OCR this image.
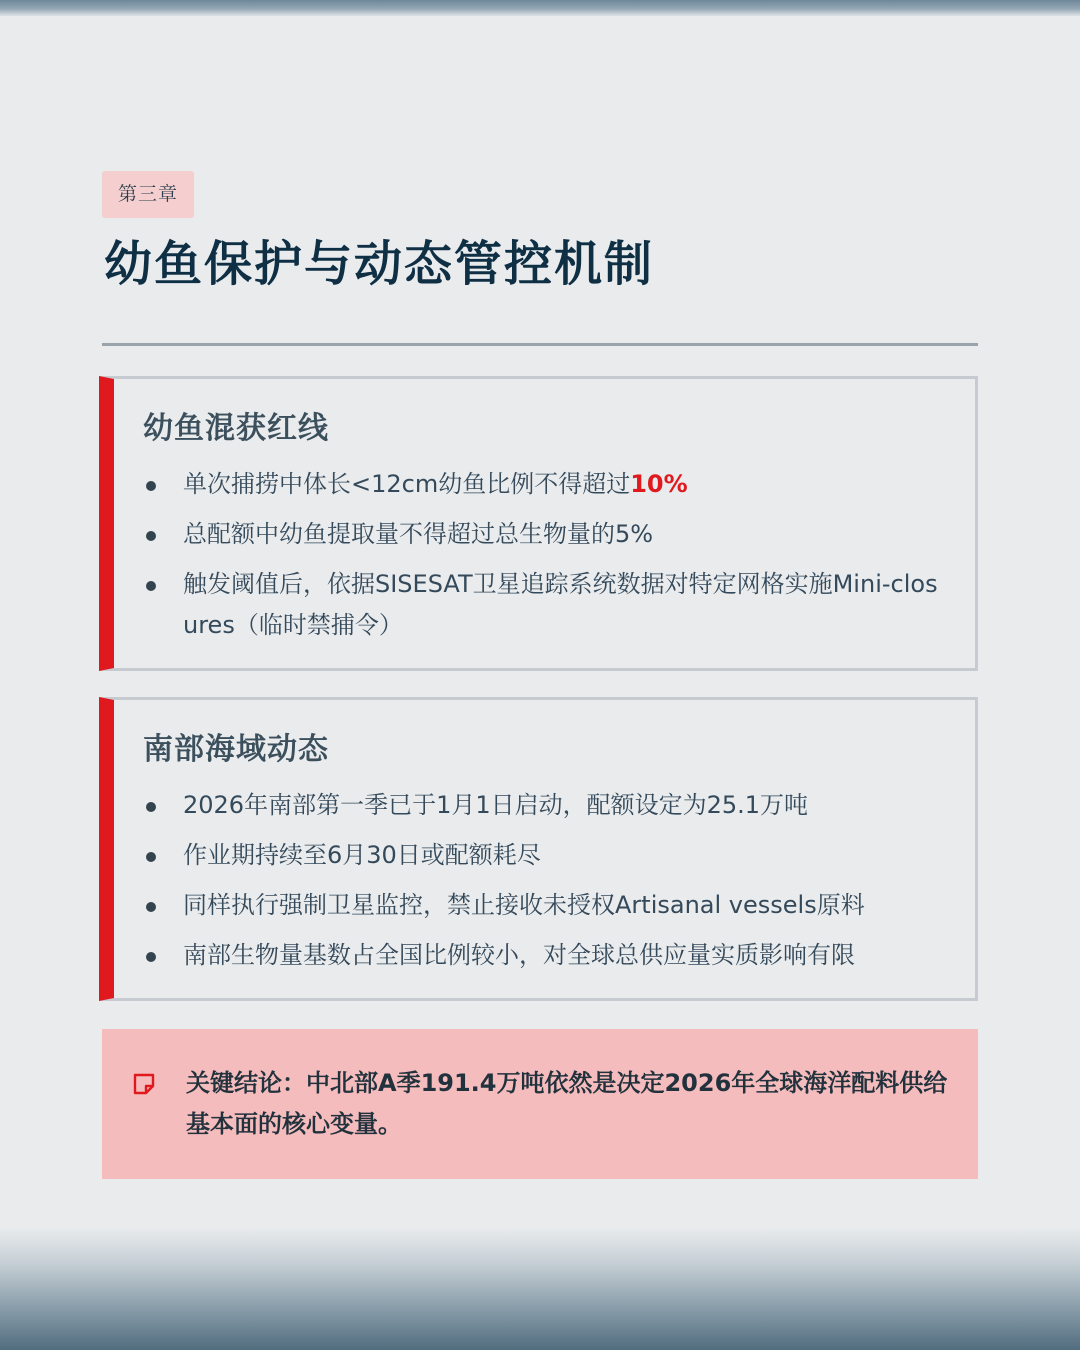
第三章
幼鱼保护与动态管控机制
幼鱼混获红线
单次捕捞中体长<12cm幼鱼比例不得超过10%
总配额中幼鱼提取量不得超过总生物量的5%
触发阈值后，依据SISESAT卫星追踪系统数据对特定网格实施Mini-closures（临时禁捕令）
南部海域动态
2026年南部第一季已于1月1日启动，配额设定为25.1万吨
作业期持续至6月30日或配额耗尽
同样执行强制卫星监控，禁止接收未授权Artisanal vessels原料
南部生物量基数占全国比例较小，对全球总供应量实质影响有限

关键结论：中北部A季191.4万吨依然是决定2026年全球海洋配料供给基本面的核心变量。
